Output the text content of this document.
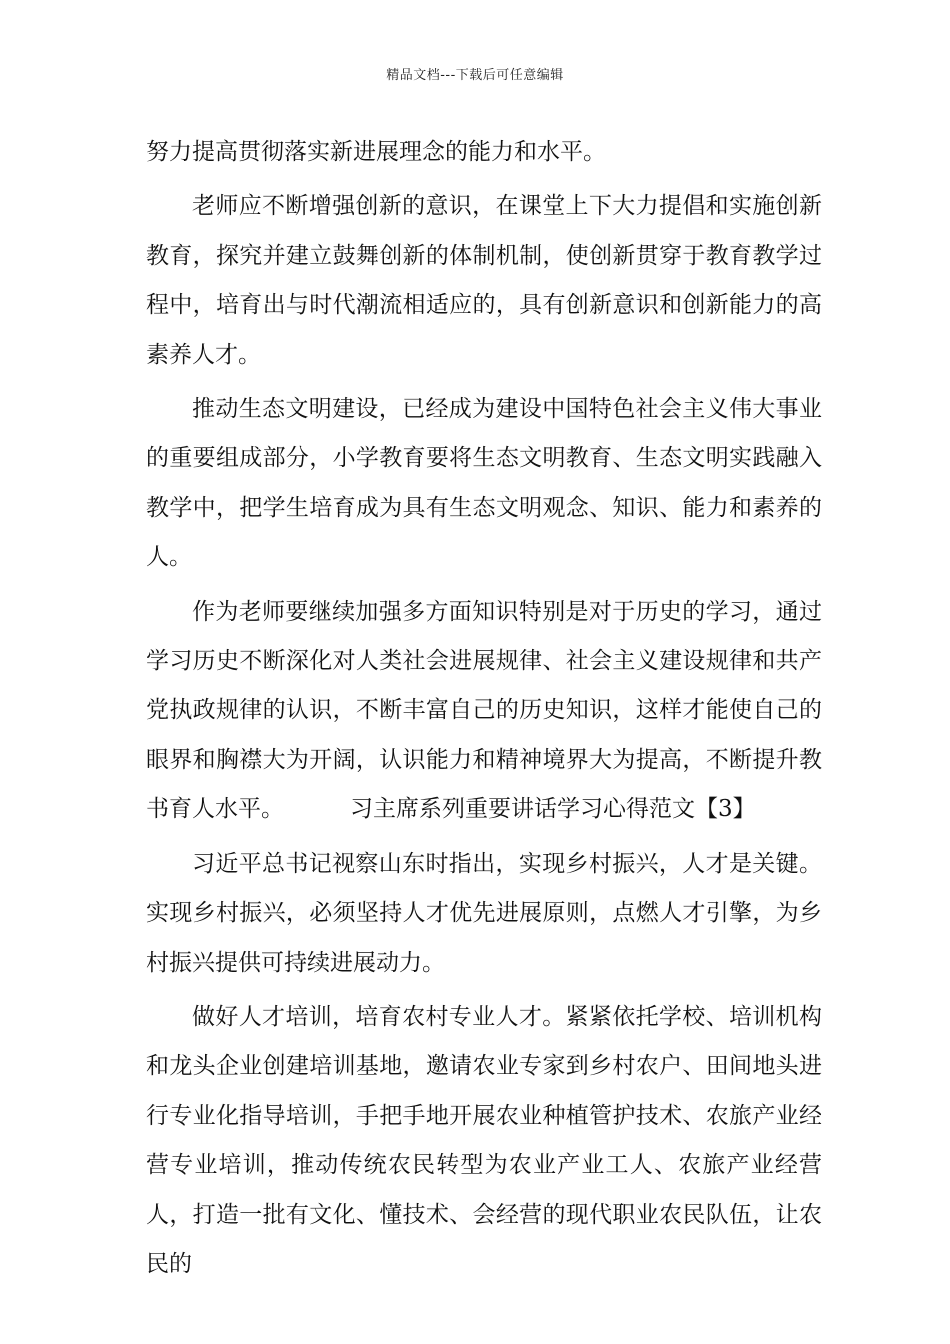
精品文档---下载后可任意编辑

努力提高贯彻落实新进展理念的能力和水平。

老师应不断增强创新的意识，在课堂上下大力提倡和实施创新教育，探究并建立鼓舞创新的体制机制，使创新贯穿于教育教学过程中，培育出与时代潮流相适应的，具有创新意识和创新能力的高素养人才。

推动生态文明建设，已经成为建设中国特色社会主义伟大事业的重要组成部分，小学教育要将生态文明教育、生态文明实践融入教学中，把学生培育成为具有生态文明观念、知识、能力和素养的人。

作为老师要继续加强多方面知识特别是对于历史的学习，通过学习历史不断深化对人类社会进展规律、社会主义建设规律和共产党执政规律的认识，不断丰富自己的历史知识，这样才能使自己的眼界和胸襟大为开阔，认识能力和精神境界大为提高，不断提升教书育人水平。	习主席系列重要讲话学习心得范文【3】

习近平总书记视察山东时指出，实现乡村振兴，人才是关键。实现乡村振兴，必须坚持人才优先进展原则，点燃人才引擎，为乡村振兴提供可持续进展动力。

做好人才培训，培育农村专业人才。紧紧依托学校、培训机构和龙头企业创建培训基地，邀请农业专家到乡村农户、田间地头进行专业化指导培训，手把手地开展农业种植管护技术、农旅产业经营专业培训，推动传统农民转型为农业产业工人、农旅产业经营人，打造一批有文化、懂技术、会经营的现代职业农民队伍，让农民的
